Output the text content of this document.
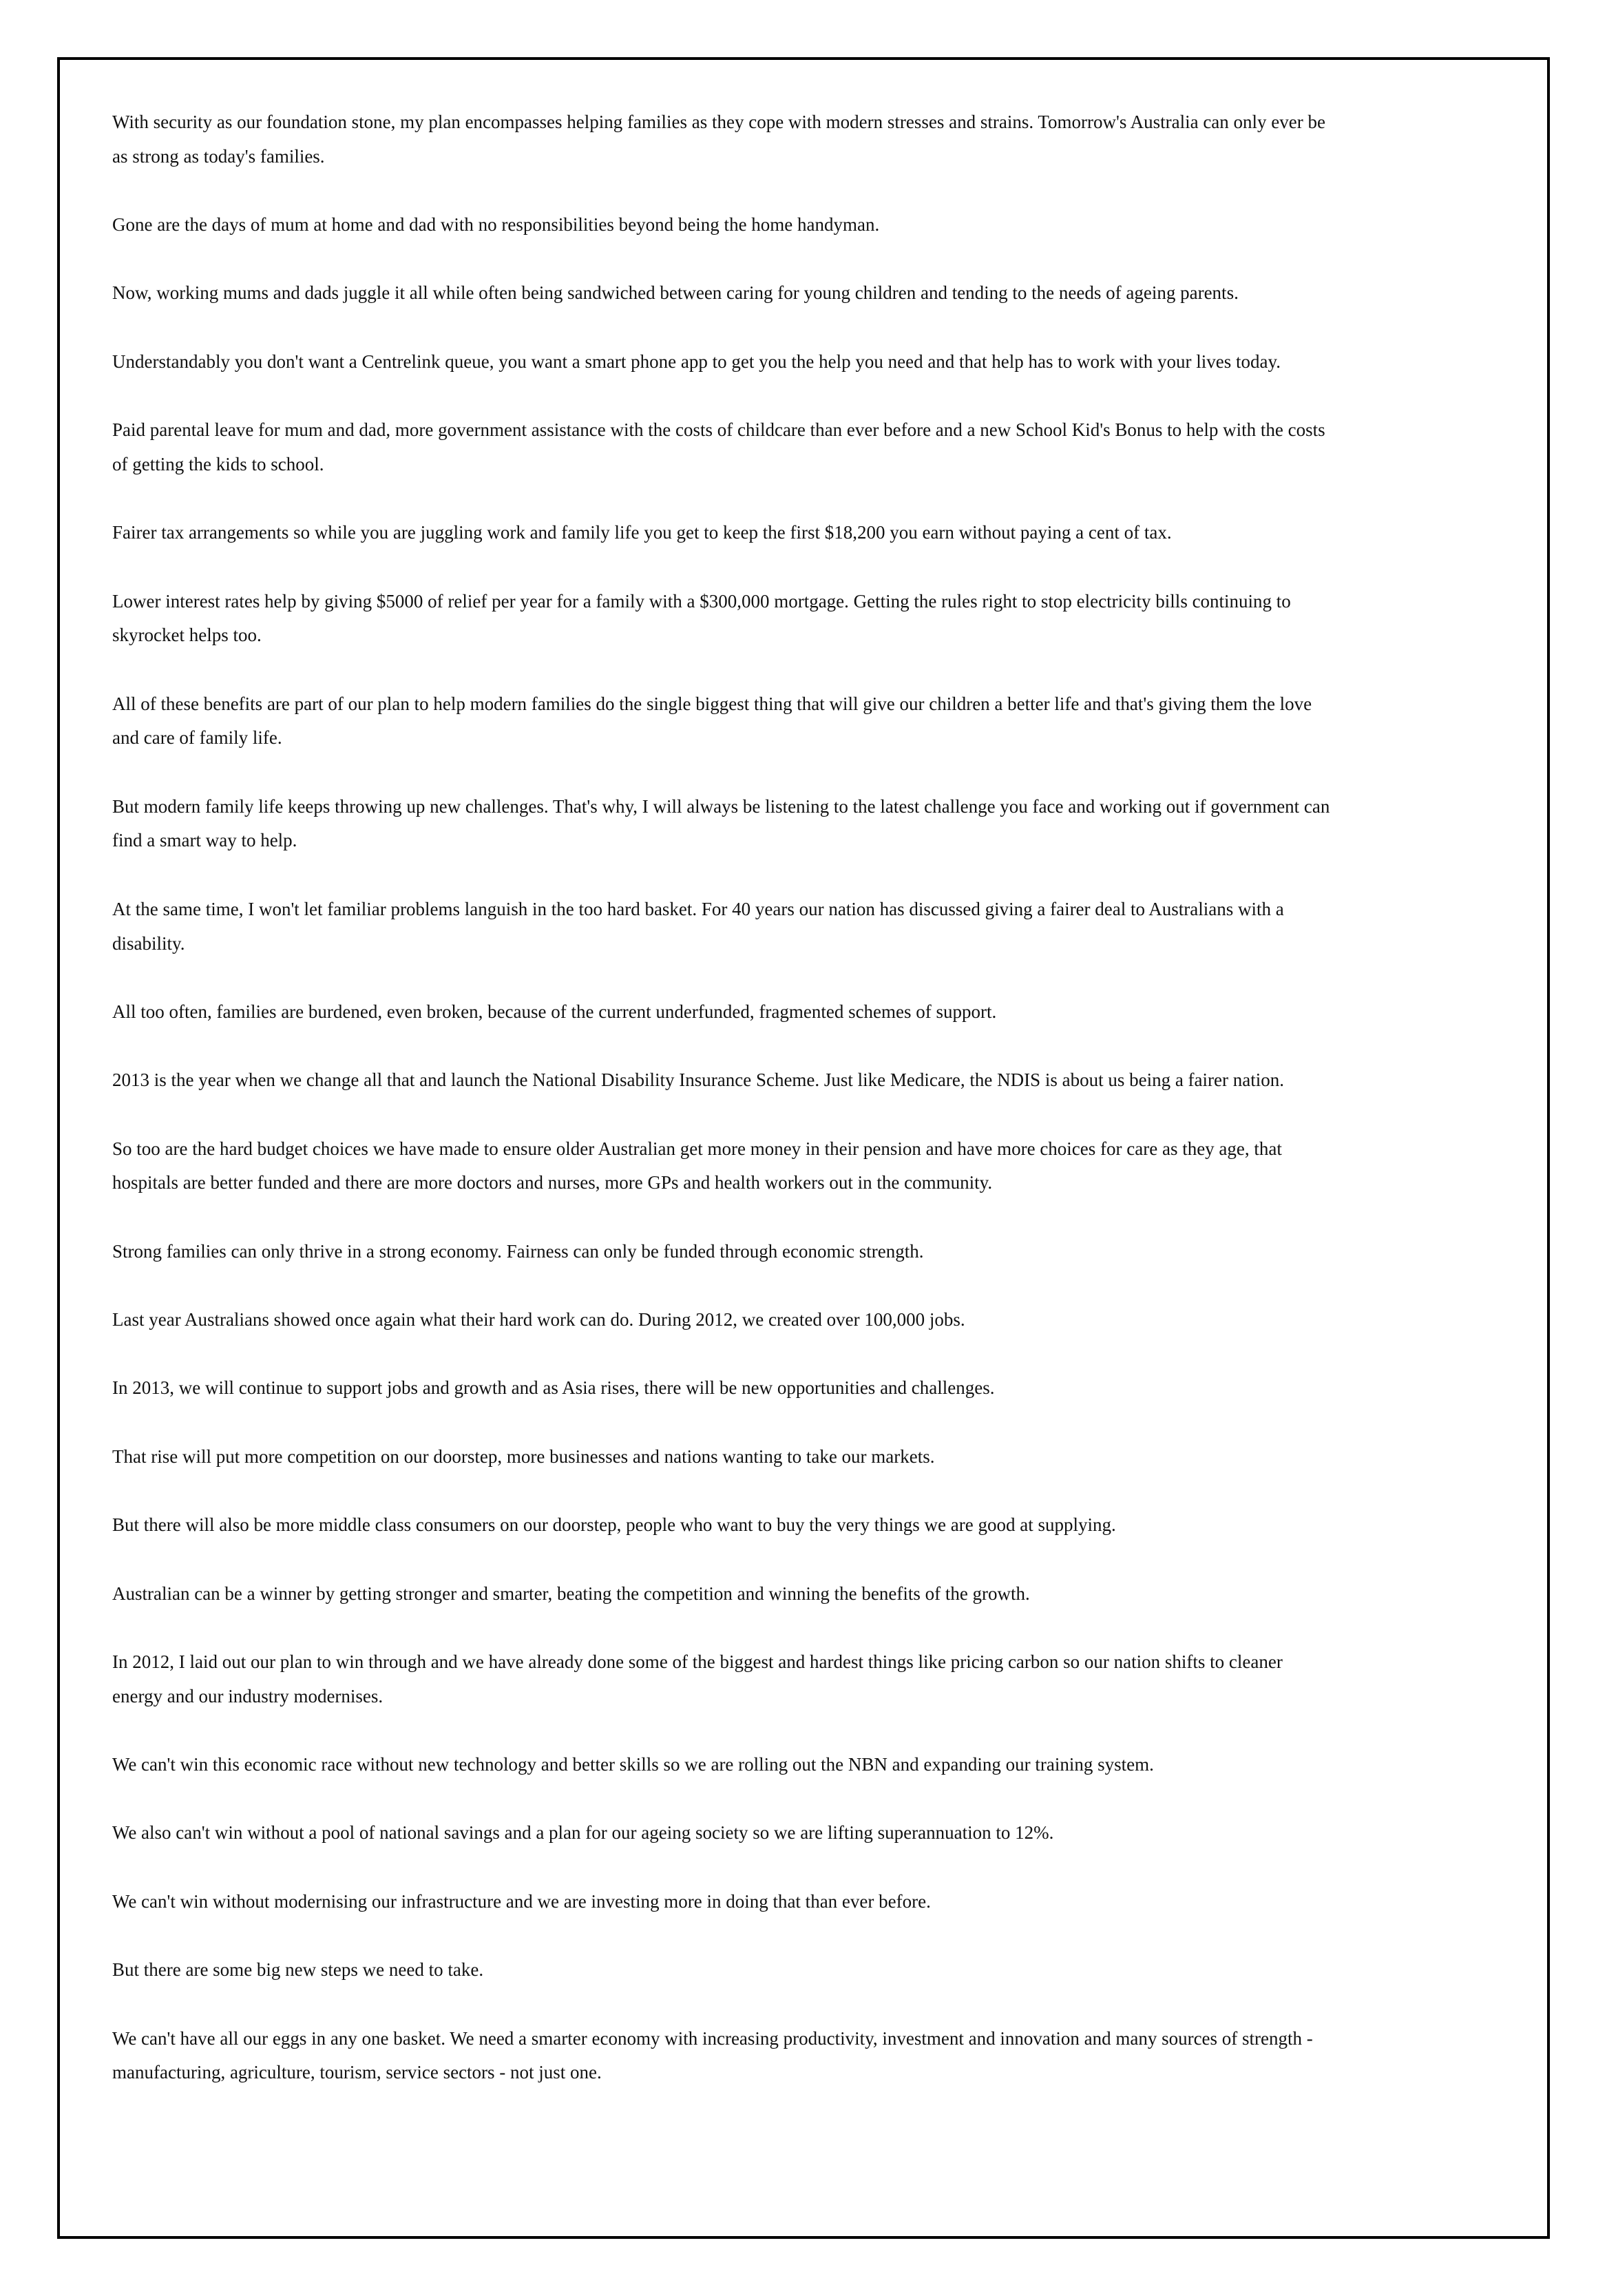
With security as our foundation stone, my plan encompasses helping families as they cope with modern stresses and strains. Tomorrow's Australia can only ever be
as strong as today's families.

Gone are the days of mum at home and dad with no responsibilities beyond being the home handyman.

Now, working mums and dads juggle it all while often being sandwiched between caring for young children and tending to the needs of ageing parents.

Understandably you don't want a Centrelink queue, you want a smart phone app to get you the help you need and that help has to work with your lives today.

Paid parental leave for mum and dad, more government assistance with the costs of childcare than ever before and a new School Kid's Bonus to help with the costs
of getting the kids to school.

Fairer tax arrangements so while you are juggling work and family life you get to keep the first $18,200 you earn without paying a cent of tax.

Lower interest rates help by giving $5000 of relief per year for a family with a $300,000 mortgage. Getting the rules right to stop electricity bills continuing to
skyrocket helps too.

All of these benefits are part of our plan to help modern families do the single biggest thing that will give our children a better life and that's giving them the love
and care of family life.

But modern family life keeps throwing up new challenges. That's why, I will always be listening to the latest challenge you face and working out if government can
find a smart way to help.

At the same time, I won't let familiar problems languish in the too hard basket. For 40 years our nation has discussed giving a fairer deal to Australians with a
disability.

All too often, families are burdened, even broken, because of the current underfunded, fragmented schemes of support.

2013 is the year when we change all that and launch the National Disability Insurance Scheme. Just like Medicare, the NDIS is about us being a fairer nation.

So too are the hard budget choices we have made to ensure older Australian get more money in their pension and have more choices for care as they age, that
hospitals are better funded and there are more doctors and nurses, more GPs and health workers out in the community.

Strong families can only thrive in a strong economy. Fairness can only be funded through economic strength.

Last year Australians showed once again what their hard work can do. During 2012, we created over 100,000 jobs.

In 2013, we will continue to support jobs and growth and as Asia rises, there will be new opportunities and challenges.

That rise will put more competition on our doorstep, more businesses and nations wanting to take our markets.

But there will also be more middle class consumers on our doorstep, people who want to buy the very things we are good at supplying.

Australian can be a winner by getting stronger and smarter, beating the competition and winning the benefits of the growth.

In 2012, I laid out our plan to win through and we have already done some of the biggest and hardest things like pricing carbon so our nation shifts to cleaner
energy and our industry modernises.

We can't win this economic race without new technology and better skills so we are rolling out the NBN and expanding our training system.

We also can't win without a pool of national savings and a plan for our ageing society so we are lifting superannuation to 12%.

We can't win without modernising our infrastructure and we are investing more in doing that than ever before.

But there are some big new steps we need to take.

We can't have all our eggs in any one basket. We need a smarter economy with increasing productivity, investment and innovation and many sources of strength -
manufacturing, agriculture, tourism, service sectors - not just one.
